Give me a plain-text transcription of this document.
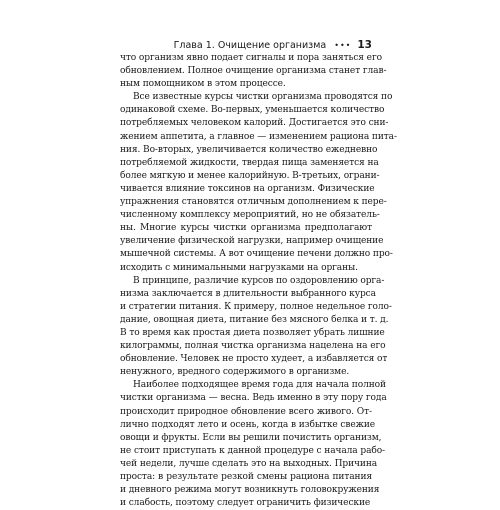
Глава 1. Очищение организма ••• 13
что организм явно подает сигналы и пора заняться его
обновлением. Полное очищение организма станет глав-
ным помощником в этом процессе.
Все известные курсы чистки организма проводятся по
одинаковой схеме. Во-первых, уменьшается количество
потребляемых человеком калорий. Достигается это сни-
жением аппетита, а главное — изменением рациона пита-
ния. Во-вторых, увеличивается количество ежедневно
потребляемой жидкости, твердая пища заменяется на
более мягкую и менее калорийную. В-третьих, ограни-
чивается влияние токсинов на организм. Физические
упражнения становятся отличным дополнением к пере-
численному комплексу мероприятий, но не обязатель-
ны. Многие курсы чистки организма предполагают
увеличение физической нагрузки, например очищение
мышечной системы. А вот очищение печени должно про-
исходить с минимальными нагрузками на органы.
В принципе, различие курсов по оздоровлению орга-
низма заключается в длительности выбранного курса
и стратегии питания. К примеру, полное недельное голо-
дание, овощная диета, питание без мясного белка и т. д.
В то время как простая диета позволяет убрать лишние
килограммы, полная чистка организма нацелена на его
обновление. Человек не просто худеет, а избавляется от
ненужного, вредного содержимого в организме.
Наиболее подходящее время года для начала полной
чистки организма — весна. Ведь именно в эту пору года
происходит природное обновление всего живого. От-
лично подходят лето и осень, когда в избытке свежие
овощи и фрукты. Если вы решили почистить организм,
не стоит приступать к данной процедуре с начала рабо-
чей недели, лучше сделать это на выходных. Причина
проста: в результате резкой смены рациона питания
и дневного режима могут возникнуть головокружения
и слабость, поэтому следует ограничить физические
